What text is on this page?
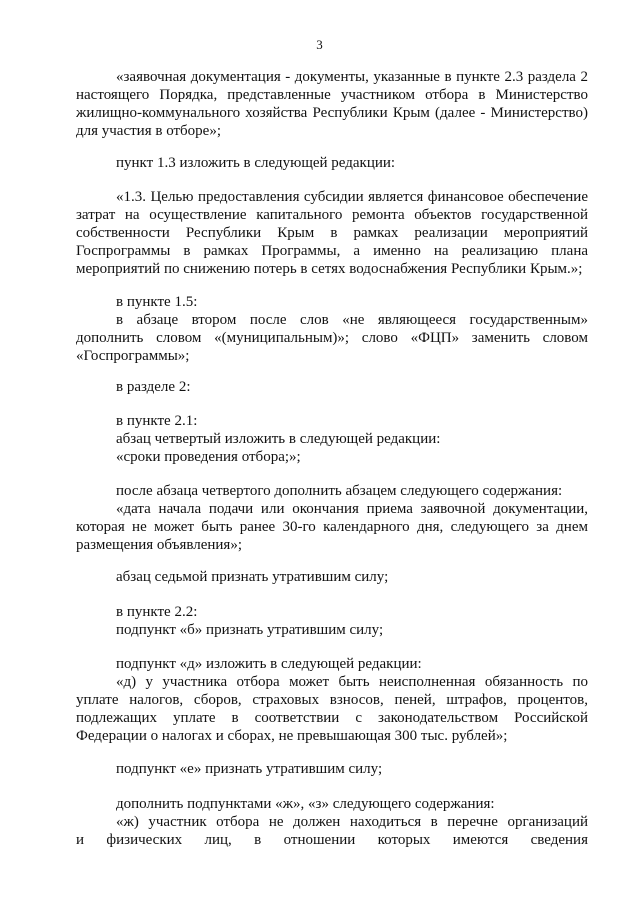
3
«заявочная документация - документы, указанные в пункте 2.3 раздела 2
настоящего Порядка, представленные участником отбора в Министерство
жилищно-коммунального хозяйства Республики Крым (далее - Министерство)
для участия в отборе»;
пункт 1.3 изложить в следующей редакции:
«1.3. Целью предоставления субсидии является финансовое обеспечение
затрат на осуществление капитального ремонта объектов государственной
собственности Республики Крым в рамках реализации мероприятий
Госпрограммы в рамках Программы, а именно на реализацию плана
мероприятий по снижению потерь в сетях водоснабжения Республики Крым.»;
в пункте 1.5:
в абзаце втором после слов «не являющееся государственным»
дополнить словом «(муниципальным)»; слово «ФЦП» заменить словом
«Госпрограммы»;
в разделе 2:
в пункте 2.1:
абзац четвертый изложить в следующей редакции:
«сроки проведения отбора;»;
после абзаца четвертого дополнить абзацем следующего содержания:
«дата начала подачи или окончания приема заявочной документации,
которая не может быть ранее 30-го календарного дня, следующего за днем
размещения объявления»;
абзац седьмой признать утратившим силу;
в пункте 2.2:
подпункт «б» признать утратившим силу;
подпункт «д» изложить в следующей редакции:
«д) у участника отбора может быть неисполненная обязанность по
уплате налогов, сборов, страховых взносов, пеней, штрафов, процентов,
подлежащих уплате в соответствии с законодательством Российской
Федерации о налогах и сборах, не превышающая 300 тыс. рублей»;
подпункт «е» признать утратившим силу;
дополнить подпунктами «ж», «з» следующего содержания:
«ж) участник отбора не должен находиться в перечне организаций
и физических лиц, в отношении которых имеются сведения
